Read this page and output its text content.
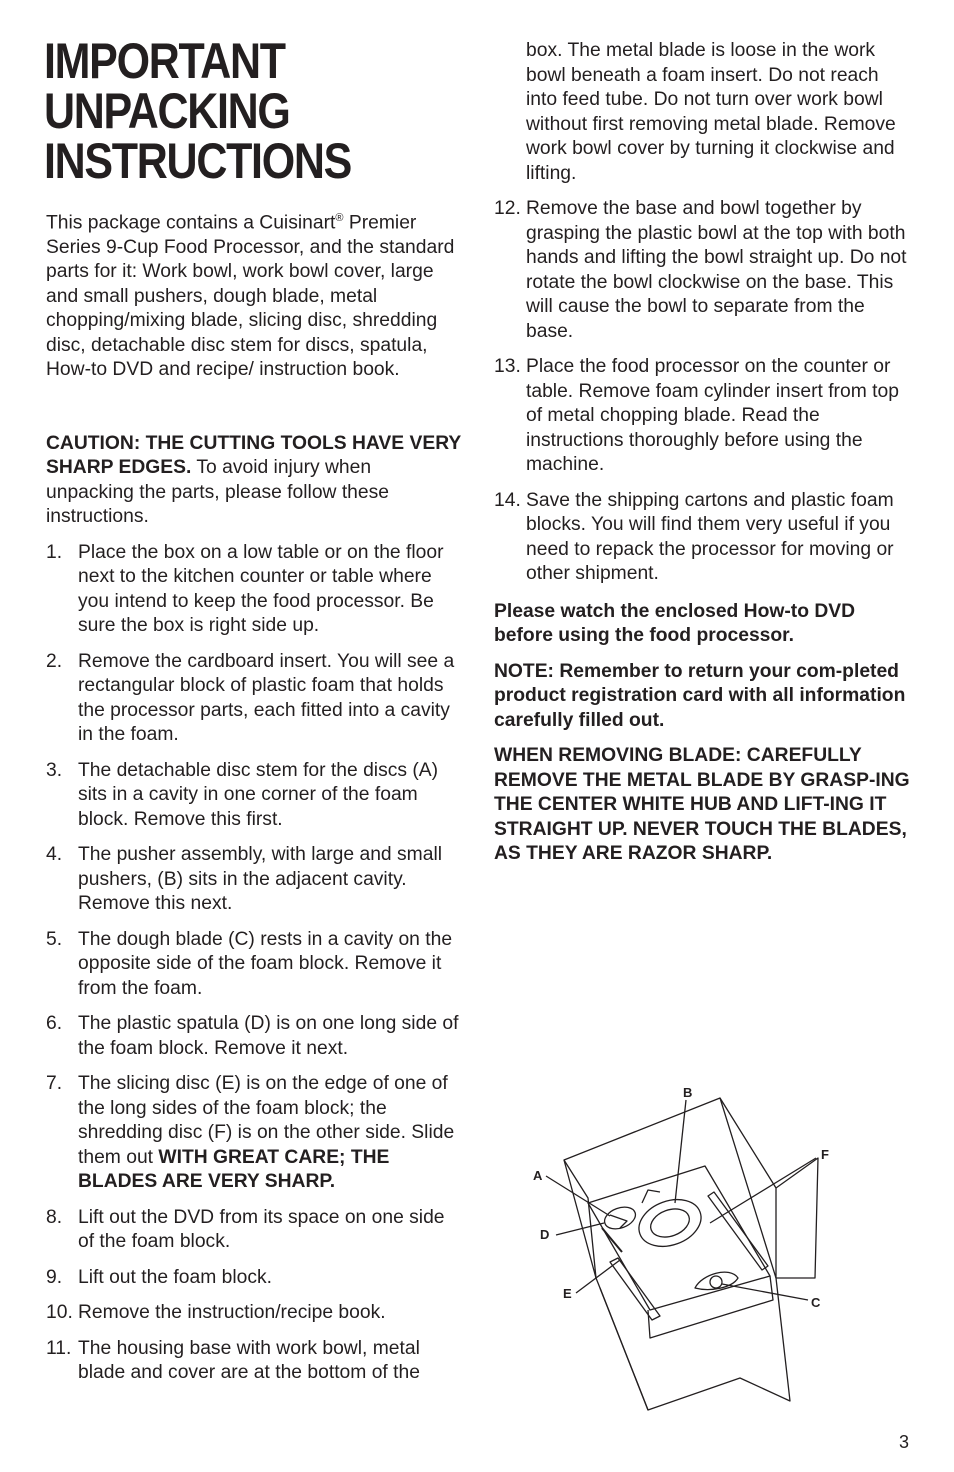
IMPORTANT
UNPACKING
INSTRUCTIONS

This package contains a Cuisinart® Premier Series 9-Cup Food Processor, and the standard parts for it: Work bowl, work bowl cover, large and small pushers, dough blade, metal chopping/mixing blade, slicing disc, shredding disc, detachable disc stem for discs, spatula, How-to DVD and recipe/ instruction book.

CAUTION: THE CUTTING TOOLS HAVE VERY SHARP EDGES. To avoid injury when unpacking the parts, please follow these instructions.

1. Place the box on a low table or on the floor next to the kitchen counter or table where you intend to keep the food processor. Be sure the box is right side up.
2. Remove the cardboard insert. You will see a rectangular block of plastic foam that holds the processor parts, each fitted into a cavity in the foam.
3. The detachable disc stem for the discs (A) sits in a cavity in one corner of the foam block. Remove this first.
4. The pusher assembly, with large and small pushers, (B) sits in the adjacent cavity. Remove this next.
5. The dough blade (C) rests in a cavity on the opposite side of the foam block. Remove it from the foam.
6. The plastic spatula (D) is on one long side of the foam block. Remove it next.
7. The slicing disc (E) is on the edge of one of the long sides of the foam block; the shredding disc (F) is on the other side. Slide them out WITH GREAT CARE; THE BLADES ARE VERY SHARP.
8. Lift out the DVD from its space on one side of the foam block.
9. Lift out the foam block.
10. Remove the instruction/recipe book.
11. The housing base with work bowl, metal blade and cover are at the bottom of the

box. The metal blade is loose in the work bowl beneath a foam insert. Do not reach into feed tube. Do not turn over work bowl without first removing metal blade. Remove work bowl cover by turning it clockwise and lifting.

12. Remove the base and bowl together by grasping the plastic bowl at the top with both hands and lifting the bowl straight up. Do not rotate the bowl clockwise on the base. This will cause the bowl to separate from the base.
13. Place the food processor on the counter or table. Remove foam cylinder insert from top of metal chopping blade. Read the instructions thoroughly before using the machine.
14. Save the shipping cartons and plastic foam blocks. You will find them very useful if you need to repack the processor for moving or other shipment.

Please watch the enclosed How-to DVD before using the food processor.

NOTE: Remember to return your com-pleted product registration card with all information carefully filled out.

WHEN REMOVING BLADE: CAREFULLY REMOVE THE METAL BLADE BY GRASP-ING THE CENTER WHITE HUB AND LIFT-ING IT STRAIGHT UP. NEVER TOUCH THE BLADES, AS THEY ARE RAZOR SHARP.

B
F
A
D
E
C
3
